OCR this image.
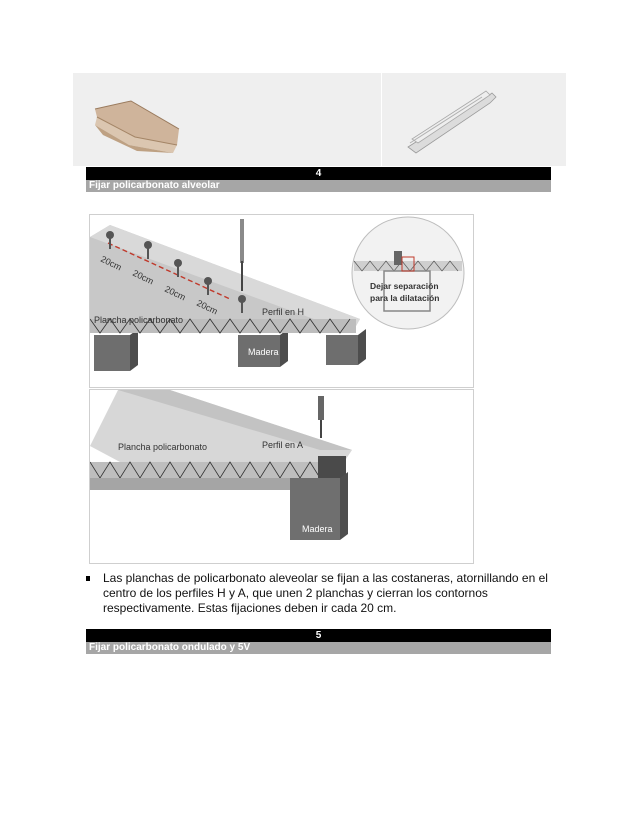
4
Fijar policarbonato alveolar
20cm
20cm
20cm
20cm
Plancha policarbonato
Perfil en H
Madera
Dejar separación
para la dilatación
Plancha policarbonato	Perfil en A
Madera
Las planchas de policarbonato aleveolar se fijan a las costaneras, atornillando en el centro de los perfiles H y A, que unen 2 planchas y cierran los contornos respectivamente. Estas fijaciones deben ir cada 20 cm.
5
Fijar policarbonato ondulado y 5V
